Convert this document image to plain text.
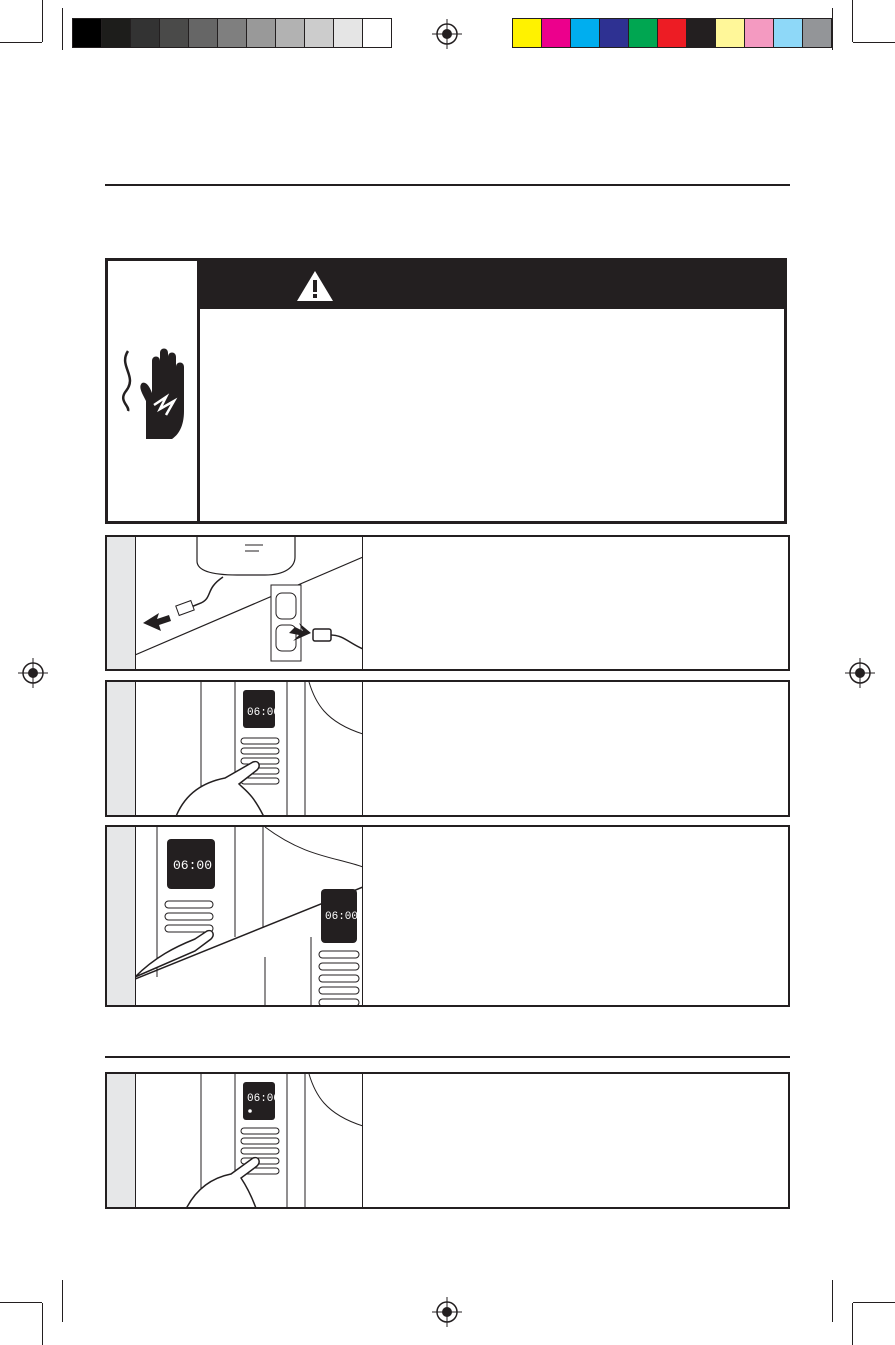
06:00
06:00
06:00
06:00
